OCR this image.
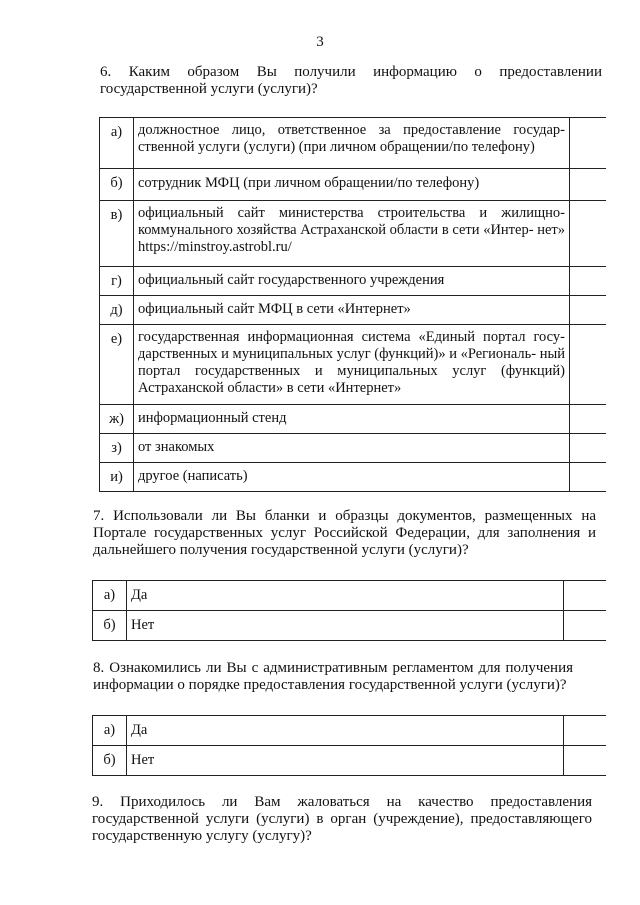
3
6. Каким образом Вы получили информацию о предоставлении
государственной услуги (услуги)?
а)	должностное лицо, ответственное за предоставление государ- ственной услуги (услуги) (при личном обращении/по телефону)
б)	сотрудник МФЦ (при личном обращении/по телефону)
в)	официальный сайт министерства строительства и жилищно- коммунального хозяйства Астраханской области в сети «Интер- нет» https://minstroy.astrobl.ru/
г)	официальный сайт государственного учреждения
д)	официальный сайт МФЦ в сети «Интернет»
е)	государственная информационная система «Единый портал госу- дарственных и муниципальных услуг (функций)» и «Региональ- ный портал государственных и муниципальных услуг (функций) Астраханской области» в сети «Интернет»
ж) информационный стенд
з)	от знакомых
и)	другое (написать)
7. Использовали ли Вы бланки и образцы документов, размещенных на
Портале государственных услуг Российской Федерации, для заполнения и
дальнейшего получения государственной услуги (услуги)?
а)	Да
б)	Нет
8. Ознакомились ли Вы с административным регламентом для получения
информации о порядке предоставления государственной услуги (услуги)?
а)	Да
б)	Нет
9. Приходилось ли Вам жаловаться на качество предоставления
государственной услуги (услуги) в орган (учреждение), предоставляющего
государственную услугу (услугу)?
